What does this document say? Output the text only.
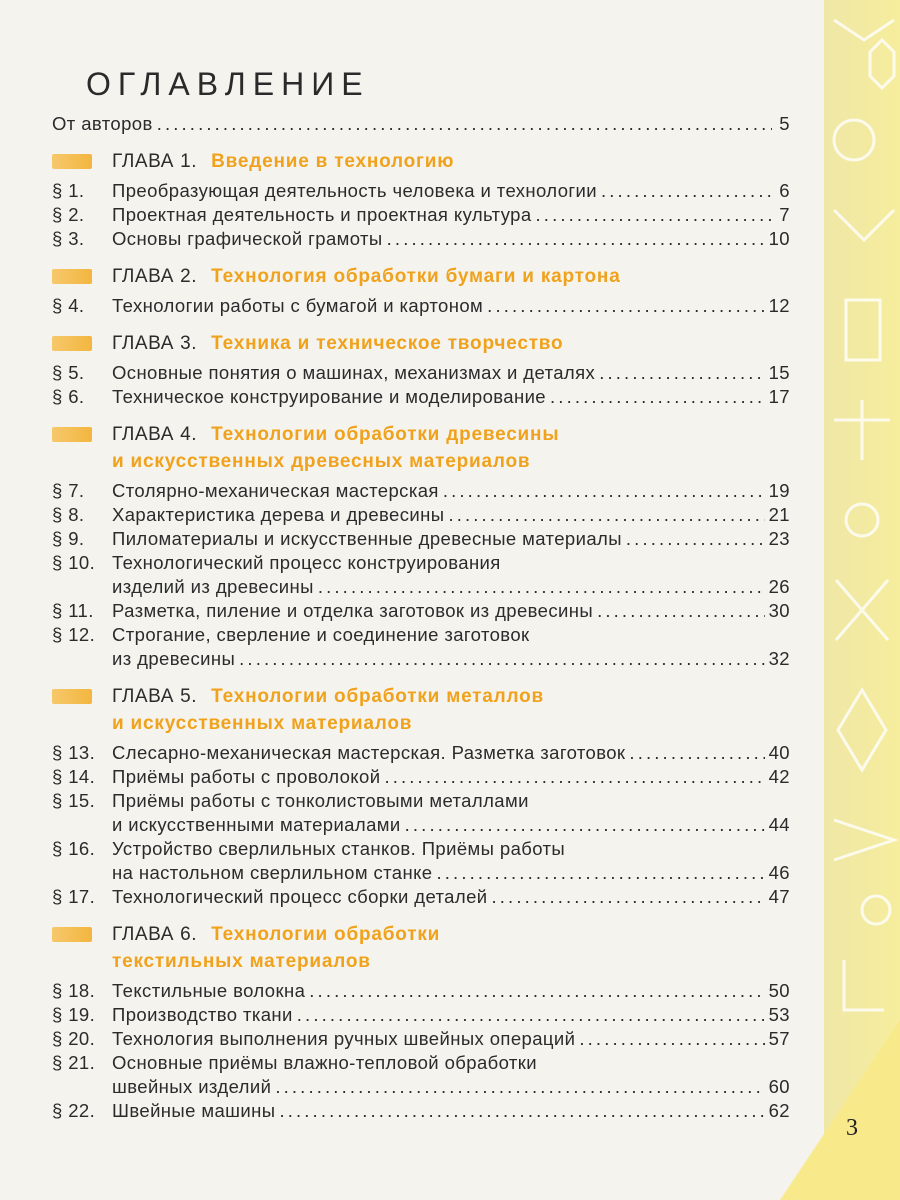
ОГЛАВЛЕНИЕ
От авторов . . .	5
ГЛАВА 1. Введение в технологию
§ 1.	Преобразующая деятельность человека и технологии . . .	6
§ 2.	Проектная деятельность и проектная культура . . .	7
§ 3.	Основы графической грамоты . . .	10
ГЛАВА 2. Технология обработки бумаги и картона
§ 4.	Технологии работы с бумагой и картоном . . .	12
ГЛАВА 3. Техника и техническое творчество
§ 5.	Основные понятия о машинах, механизмах и деталях . . .	15
§ 6.	Техническое конструирование и моделирование . . .	17
ГЛАВА 4. Технологии обработки древесины
и искусственных древесных материалов
§ 7.	Столярно-механическая мастерская . . .	19
§ 8.	Характеристика дерева и древесины . . .	21
§ 9.	Пиломатериалы и искусственные древесные материалы . . .	23
§ 10. Технологический процесс конструирования
изделий из древесины . . .	26
§ 11. Разметка, пиление и отделка заготовок из древесины . . .	30
§ 12. Строгание, сверление и соединение заготовок
из древесины . . .	32
ГЛАВА 5. Технологии обработки металлов
и искусственных материалов
§ 13. Слесарно-механическая мастерская. Разметка заготовок . . .	40
§ 14. Приёмы работы с проволокой . . .	42
§ 15. Приёмы работы с тонколистовыми металлами
и искусственными материалами . . .	44
§ 16. Устройство сверлильных станков. Приёмы работы
на настольном сверлильном станке . . .	46
§ 17. Технологический процесс сборки деталей . . .	47
ГЛАВА 6. Технологии обработки
текстильных материалов
§ 18. Текстильные волокна . . .	50
§ 19. Производство ткани . . .	53
§ 20. Технология выполнения ручных швейных операций . . .	57
§ 21. Основные приёмы влажно-тепловой обработки
швейных изделий . . .	60
§ 22. Швейные машины . . .	62
3
